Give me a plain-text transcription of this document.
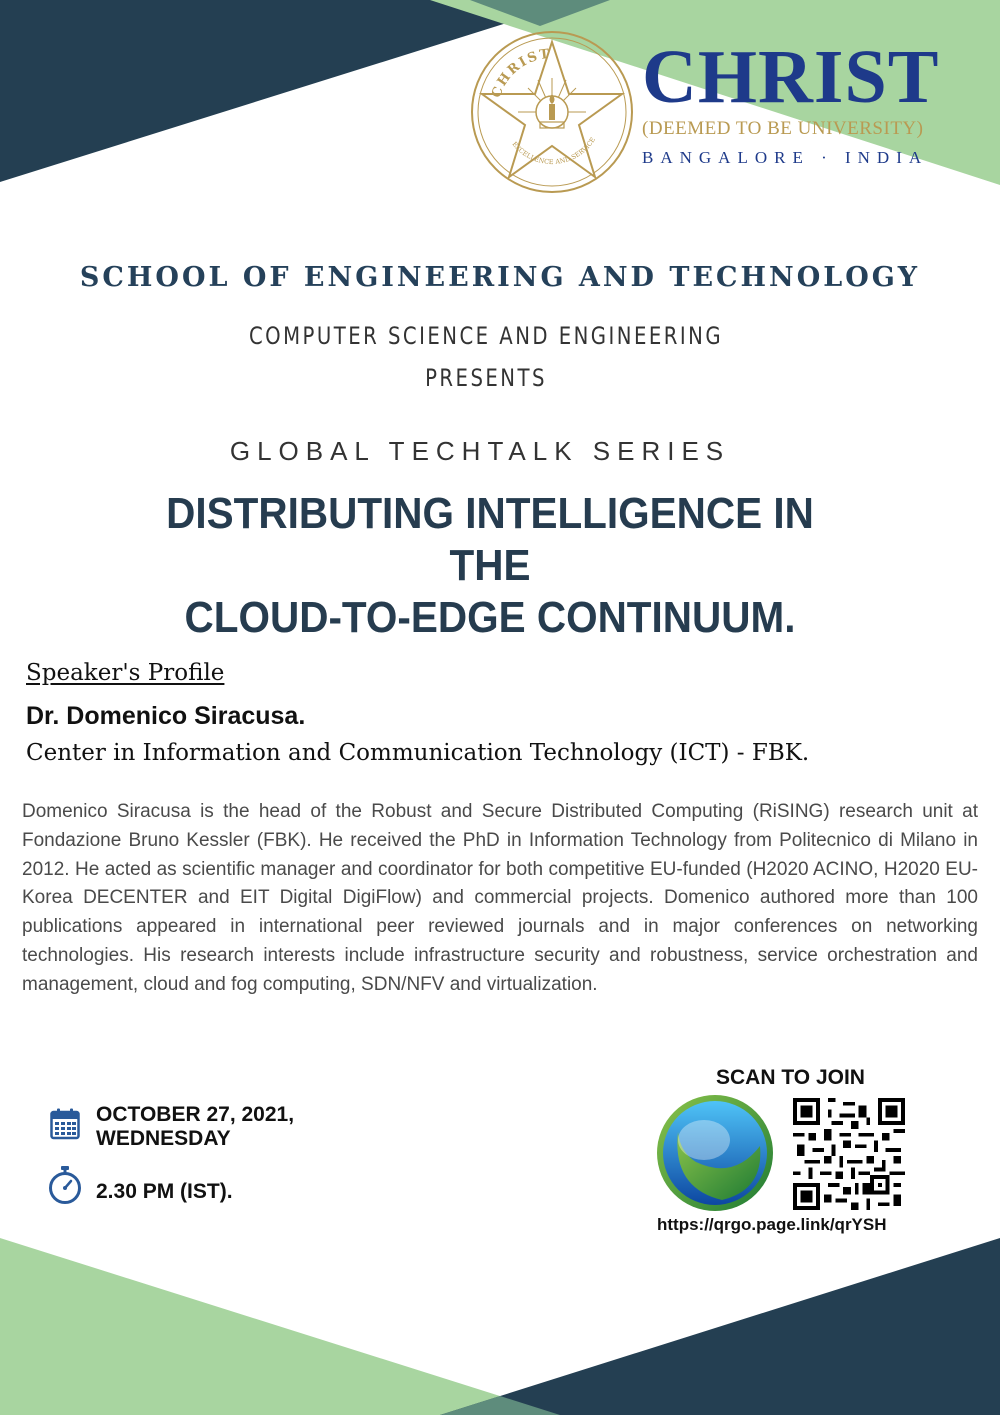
CHRIST
EXCELLENCE AND SERVICE
CHRIST
(DEEMED TO BE UNIVERSITY)
BANGALORE · INDIA
SCHOOL OF ENGINEERING AND TECHNOLOGY
COMPUTER SCIENCE AND ENGINEERING
PRESENTS
GLOBAL TECHTALK SERIES
DISTRIBUTING INTELLIGENCE IN THE
CLOUD-TO-EDGE CONTINUUM.
Speaker's Profile
Dr. Domenico Siracusa.
Center in Information and Communication Technology (ICT) - FBK.
Domenico Siracusa is the head of the Robust and Secure Distributed Computing (RiSING) research unit at Fondazione Bruno Kessler (FBK). He received the PhD in Information Technology from Politecnico di Milano in 2012. He acted as scientific manager and coordinator for both competitive EU-funded (H2020 ACINO, H2020 EU-Korea DECENTER and EIT Digital DigiFlow) and commercial projects. Domenico authored more than 100 publications appeared in international peer reviewed journals and in major conferences on networking technologies. His research interests include infrastructure security and robustness, service orchestration and management, cloud and fog computing, SDN/NFV and virtualization.
OCTOBER 27, 2021,
WEDNESDAY
2.30 PM (IST).
SCAN TO JOIN
https://qrgo.page.link/qrYSH
